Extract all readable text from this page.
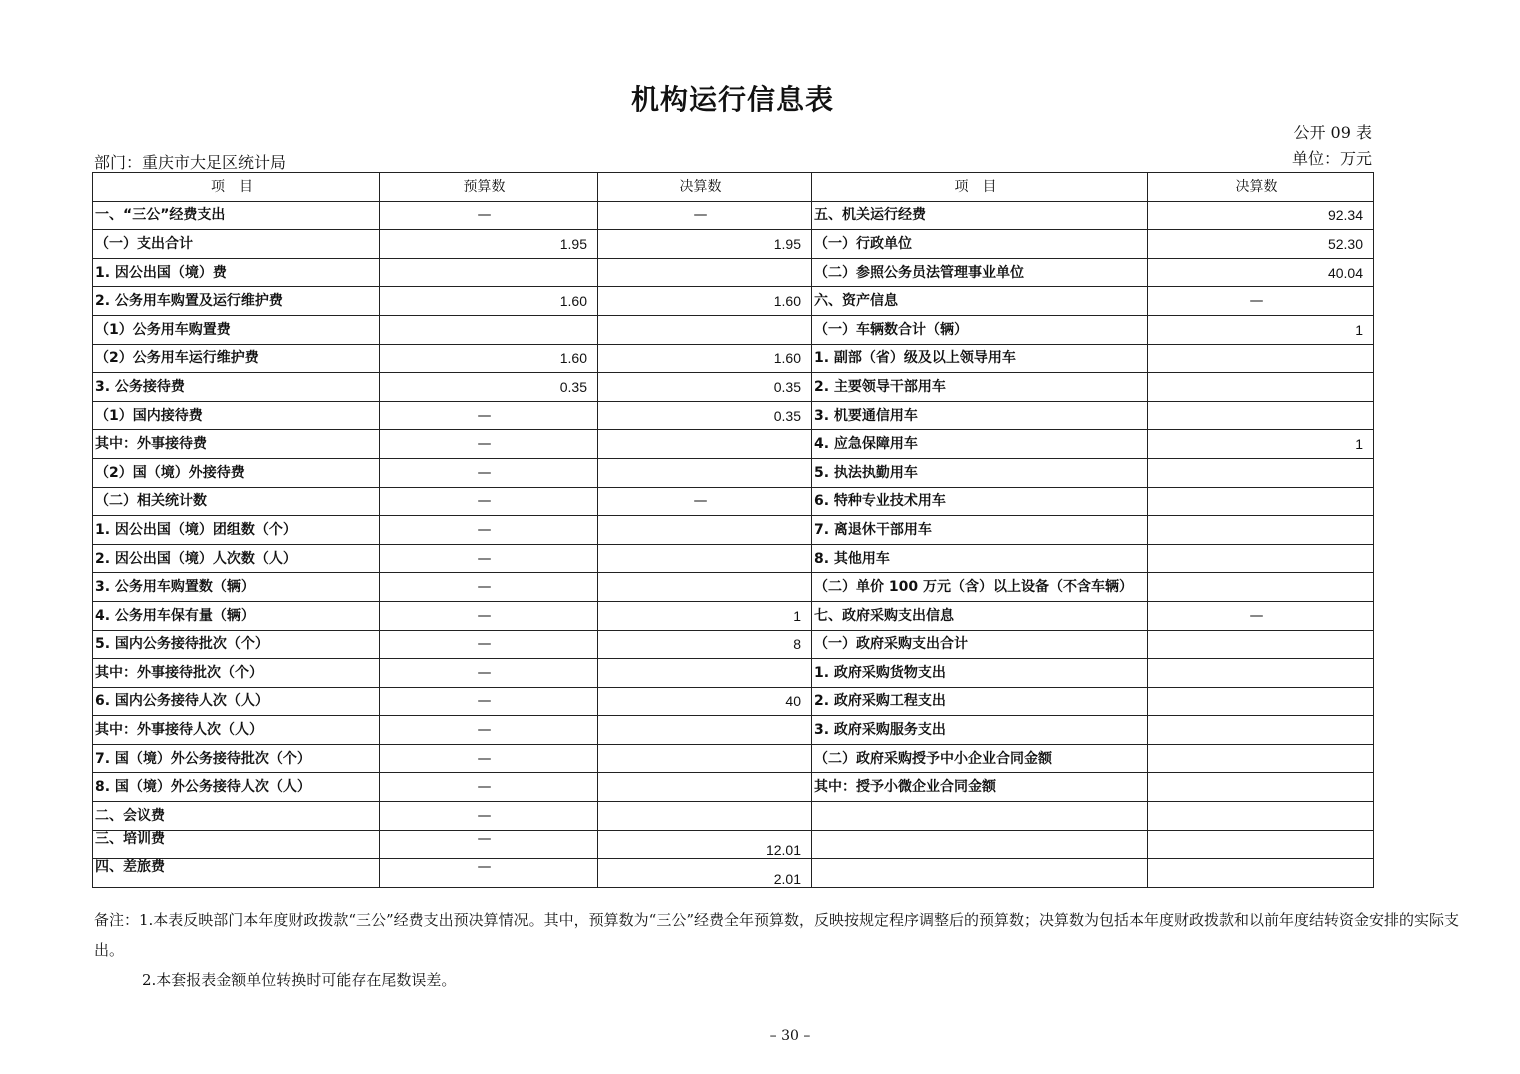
机构运行信息表
公开 09 表
单位：万元
部门：重庆市大足区统计局
项　目	预算数	决算数	项　目	决算数
一、“三公”经费支出	—	—	五、机关运行经费	92.34
（一）支出合计	1.95	1.95	（一）行政单位	52.30
1. 因公出国（境）费			（二）参照公务员法管理事业单位	40.04
2. 公务用车购置及运行维护费	1.60	1.60	六、资产信息	—
（1）公务用车购置费			（一）车辆数合计（辆）	1
（2）公务用车运行维护费	1.60	1.60	1. 副部（省）级及以上领导用车	
3. 公务接待费	0.35	0.35	2. 主要领导干部用车	
（1）国内接待费	—	0.35	3. 机要通信用车	
其中：外事接待费	—		4. 应急保障用车	1
（2）国（境）外接待费	—		5. 执法执勤用车	
（二）相关统计数	—	—	6. 特种专业技术用车	
1. 因公出国（境）团组数（个）	—		7. 离退休干部用车	
2. 因公出国（境）人次数（人）	—		8. 其他用车	
3. 公务用车购置数（辆）	—		（二）单价 100 万元（含）以上设备（不含车辆）	
4. 公务用车保有量（辆）	—	1	七、政府采购支出信息	—
5. 国内公务接待批次（个）	—	8	（一）政府采购支出合计	
其中：外事接待批次（个）	—		1. 政府采购货物支出	
6. 国内公务接待人次（人）	—	40	2. 政府采购工程支出	
其中：外事接待人次（人）	—		3. 政府采购服务支出	
7. 国（境）外公务接待批次（个）	—		（二）政府采购授予中小企业合同金额	
8. 国（境）外公务接待人次（人）	—		其中：授予小微企业合同金额	
二、会议费	—			
三、培训费	—	12.01		
四、差旅费	—	2.01		

备注：1.本表反映部门本年度财政拨款“三公”经费支出预决算情况。其中，预算数为“三公”经费全年预算数，反映按规定程序调整后的预算数；决算数为包括本年度财政拨款和以前年度结转资金安排的实际支出。

2.本套报表金额单位转换时可能存在尾数误差。

– 30 –
